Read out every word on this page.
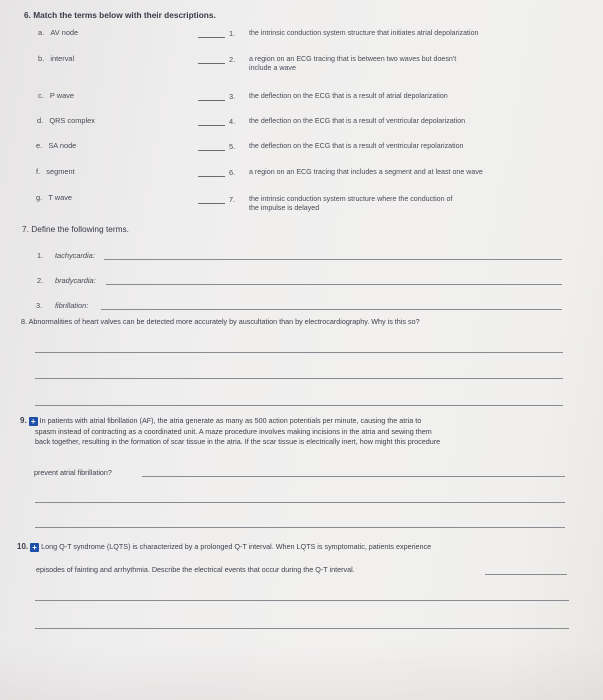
6. Match the terms below with their descriptions.
a. AV node
b. interval
c. P wave
d. QRS complex
e. SA node
f. segment
g. T wave
1. the intrinsic conduction system structure that initiates atrial depolarization
2. a region on an ECG tracing that is between two waves but doesn't
include a wave
3. the deflection on the ECG that is a result of atrial depolarization
4. the deflection on the ECG that is a result of ventricular depolarization
5. the deflection on the ECG that is a result of ventricular repolarization
6. a region on an ECG tracing that includes a segment and at least one wave
7. the intrinsic conduction system structure where the conduction of
the impulse is delayed
7. Define the following terms.
1. tachycardia:
2. bradycardia:
3. fibrillation:
8. Abnormalities of heart valves can be detected more accurately by auscultation than by electrocardiography. Why is this so?
9. + In patients with atrial fibrillation (AF), the atria generate as many as 500 action potentials per minute, causing the atria to
spasm instead of contracting as a coordinated unit. A maze procedure involves making incisions in the atria and sewing them
back together, resulting in the formation of scar tissue in the atria. If the scar tissue is electrically inert, how might this procedure
prevent atrial fibrillation?
10. + Long Q-T syndrome (LQTS) is characterized by a prolonged Q-T interval. When LQTS is symptomatic, patients experience
episodes of fainting and arrhythmia. Describe the electrical events that occur during the Q-T interval.
